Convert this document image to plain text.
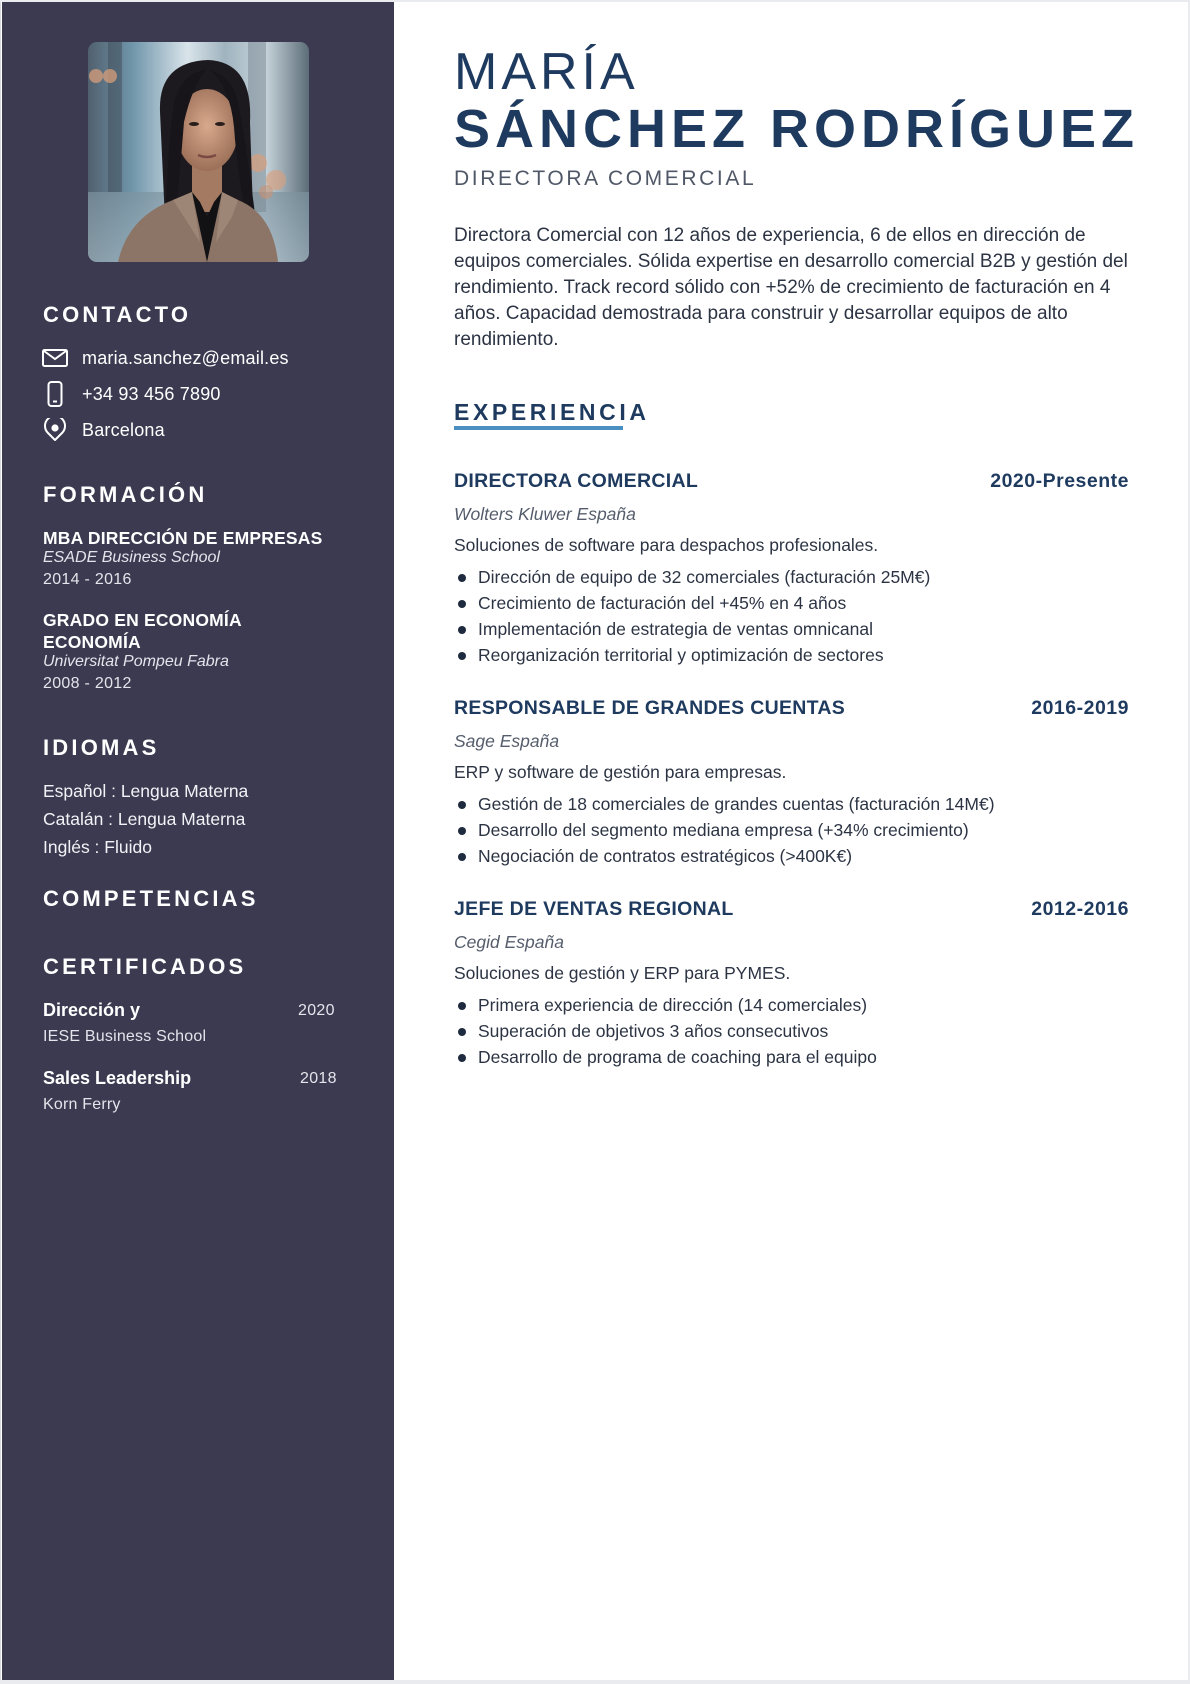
CONTACTO
maria.sanchez@email.es
+34 93 456 7890
Barcelona
FORMACIÓN
MBA DIRECCIÓN DE EMPRESAS
ESADE Business School
2014 - 2016
GRADO EN ECONOMÍA
ECONOMÍA
Universitat Pompeu Fabra
2008 - 2012
IDIOMAS
Español : Lengua Materna
Catalán : Lengua Materna
Inglés : Fluido
COMPETENCIAS
CERTIFICADOS
Dirección y	2020
IESE Business School
Sales Leadership	2018
Korn Ferry
MARÍA
SÁNCHEZ RODRÍGUEZ
DIRECTORA COMERCIAL

Directora Comercial con 12 años de experiencia, 6 de ellos en dirección de equipos comerciales. Sólida expertise en desarrollo comercial B2B y gestión del rendimiento. Track record sólido con +52% de crecimiento de facturación en 4 años. Capacidad demostrada para construir y desarrollar equipos de alto rendimiento.

EXPERIENCIA
DIRECTORA COMERCIAL	2020-Presente
Wolters Kluwer España
Soluciones de software para despachos profesionales.
Dirección de equipo de 32 comerciales (facturación 25M€)
Crecimiento de facturación del +45% en 4 años
Implementación de estrategia de ventas omnicanal
Reorganización territorial y optimización de sectores
RESPONSABLE DE GRANDES CUENTAS	2016-2019
Sage España
ERP y software de gestión para empresas.
Gestión de 18 comerciales de grandes cuentas (facturación 14M€)
Desarrollo del segmento mediana empresa (+34% crecimiento)
Negociación de contratos estratégicos (>400K€)
JEFE DE VENTAS REGIONAL	2012-2016
Cegid España
Soluciones de gestión y ERP para PYMES.
Primera experiencia de dirección (14 comerciales)
Superación de objetivos 3 años consecutivos
Desarrollo de programa de coaching para el equipo
